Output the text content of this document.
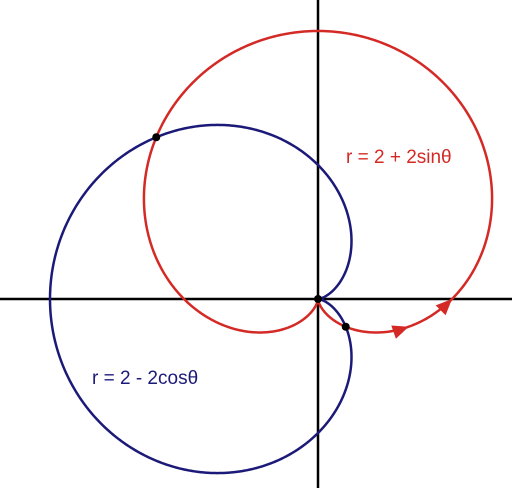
r = 2 + 2sinθ
r = 2 - 2cosθ
